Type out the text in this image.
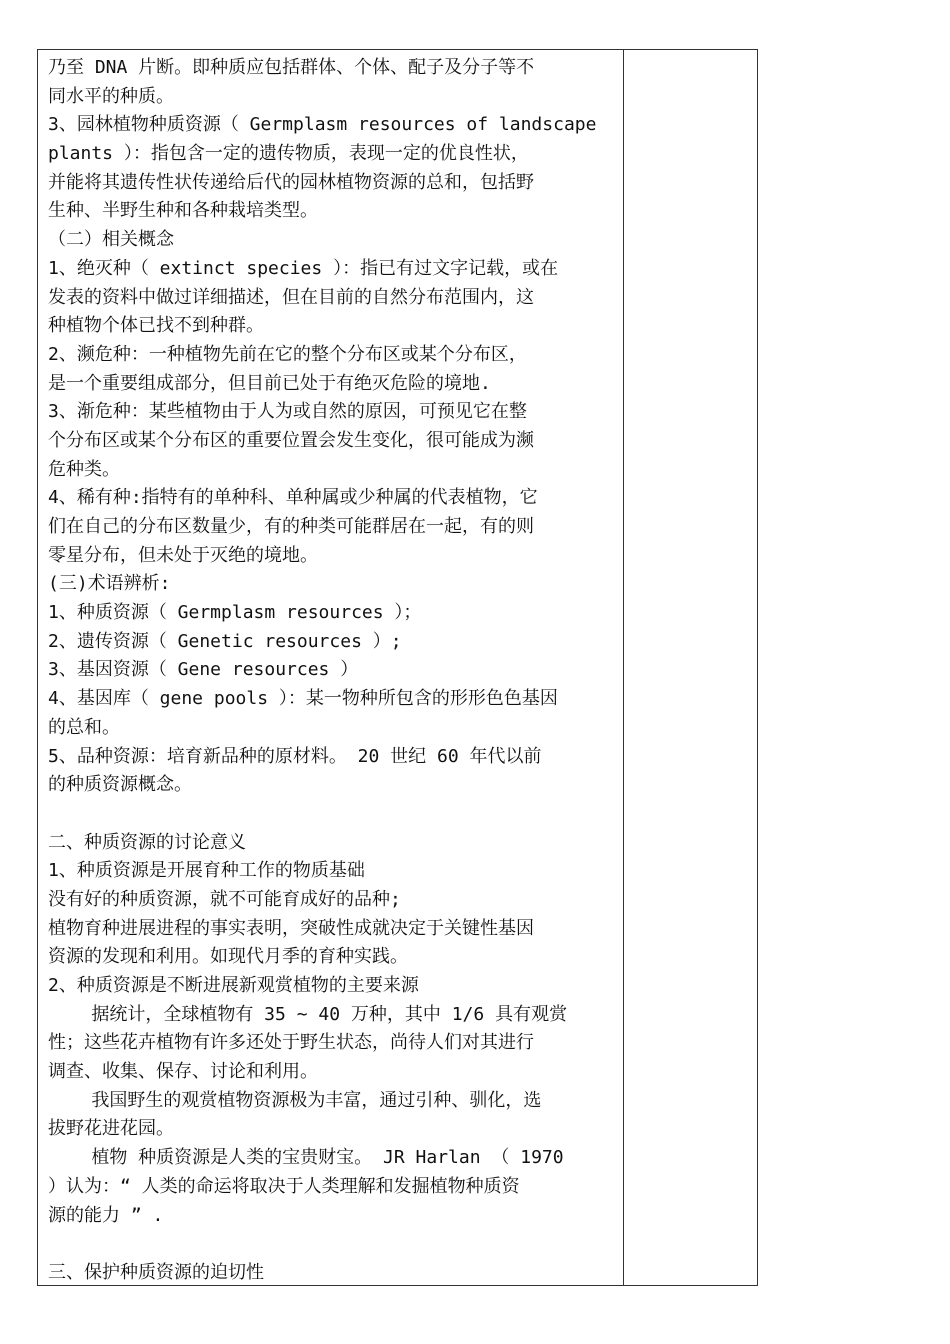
乃至 DNA 片断。即种质应包括群体、个体、配子及分子等不
同水平的种质。
3、园林植物种质资源（ Germplasm resources of landscape
plants ）：指包含一定的遗传物质，表现一定的优良性状，
并能将其遗传性状传递给后代的园林植物资源的总和，包括野
生种、半野生种和各种栽培类型。
（二）相关概念
1、绝灭种（ extinct species ）：指已有过文字记载，或在
发表的资料中做过详细描述，但在目前的自然分布范围内，这
种植物个体已找不到种群。
2、濒危种：一种植物先前在它的整个分布区或某个分布区，
是一个重要组成部分，但目前已处于有绝灭危险的境地.
3、渐危种：某些植物由于人为或自然的原因，可预见它在整
个分布区或某个分布区的重要位置会发生变化，很可能成为濒
危种类。
4、稀有种:指特有的单种科、单种属或少种属的代表植物，它
们在自己的分布区数量少，有的种类可能群居在一起，有的则
零星分布，但未处于灭绝的境地。
(三)术语辨析:
1、种质资源（ Germplasm resources ）；
2、遗传资源（ Genetic resources ）;
3、基因资源（ Gene resources ）
4、基因库（ gene pools ）：某一物种所包含的形形色色基因
的总和。
5、品种资源：培育新品种的原材料。 20 世纪 60 年代以前
的种质资源概念。
二、种质资源的讨论意义
1、种质资源是开展育种工作的物质基础
没有好的种质资源，就不可能育成好的品种;
植物育种进展进程的事实表明，突破性成就决定于关键性基因
资源的发现和利用。如现代月季的育种实践。
2、种质资源是不断进展新观赏植物的主要来源
据统计，全球植物有 35 ~ 40 万种，其中 1/6 具有观赏
性；这些花卉植物有许多还处于野生状态，尚待人们对其进行
调查、收集、保存、讨论和利用。
我国野生的观赏植物资源极为丰富，通过引种、驯化，选
拔野花进花园。
植物 种质资源是人类的宝贵财宝。 JR Harlan （ 1970
）认为：“ 人类的命运将取决于人类理解和发掘植物种质资
源的能力 ” .
三、保护种质资源的迫切性
